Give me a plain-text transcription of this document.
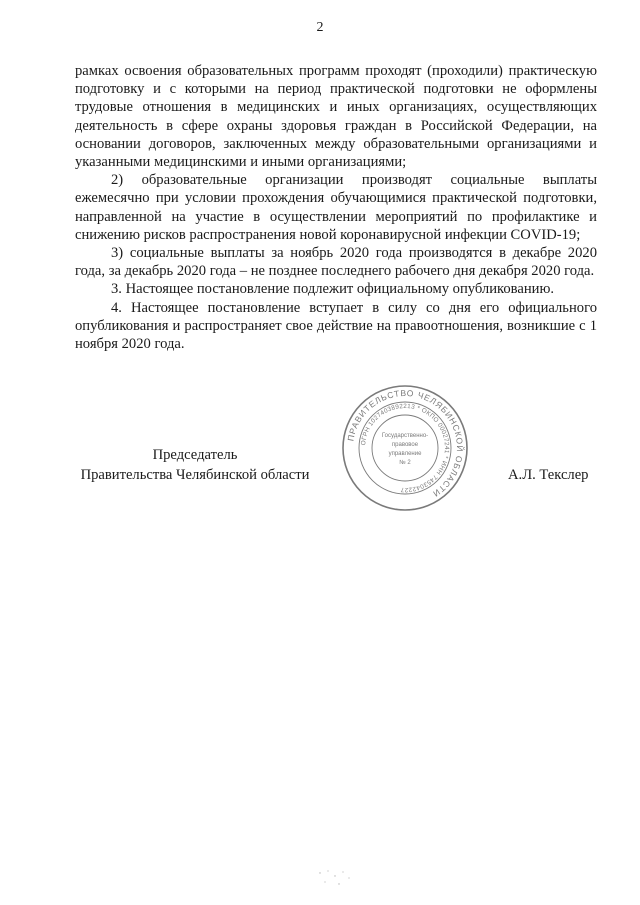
2

рамках освоения образовательных программ проходят (проходили) практическую подготовку и с которыми на период практической подготовки не оформлены трудовые отношения в медицинских и иных организациях, осуществляющих деятельность в сфере охраны здоровья граждан в Российской Федерации, на основании договоров, заключенных между образовательными организациями и указанными медицинскими и иными организациями;

2) образовательные организации производят социальные выплаты ежемесячно при условии прохождения обучающимися практической подготовки, направленной на участие в осуществлении мероприятий по профилактике и снижению рисков распространения новой коронавирусной инфекции COVID-19;

3) социальные выплаты за ноябрь 2020 года производятся в декабре 2020 года, за декабрь 2020 года – не позднее последнего рабочего дня декабря 2020 года.

3. Настоящее постановление подлежит официальному опубликованию.

4. Настоящее постановление вступает в силу со дня его официального опубликования и распространяет свое действие на правоотношения, возникшие с 1 ноября 2020 года.

Председатель
Правительства Челябинской области	А.Л. Текслер
ПРАВИТЕЛЬСТВО ЧЕЛЯБИНСКОЙ ОБЛАСТИ
ОГРН 1027403892213 * ОКПО 00027241 * ИНН 7453042227
Государственно-
правовое
управление
№ 2
